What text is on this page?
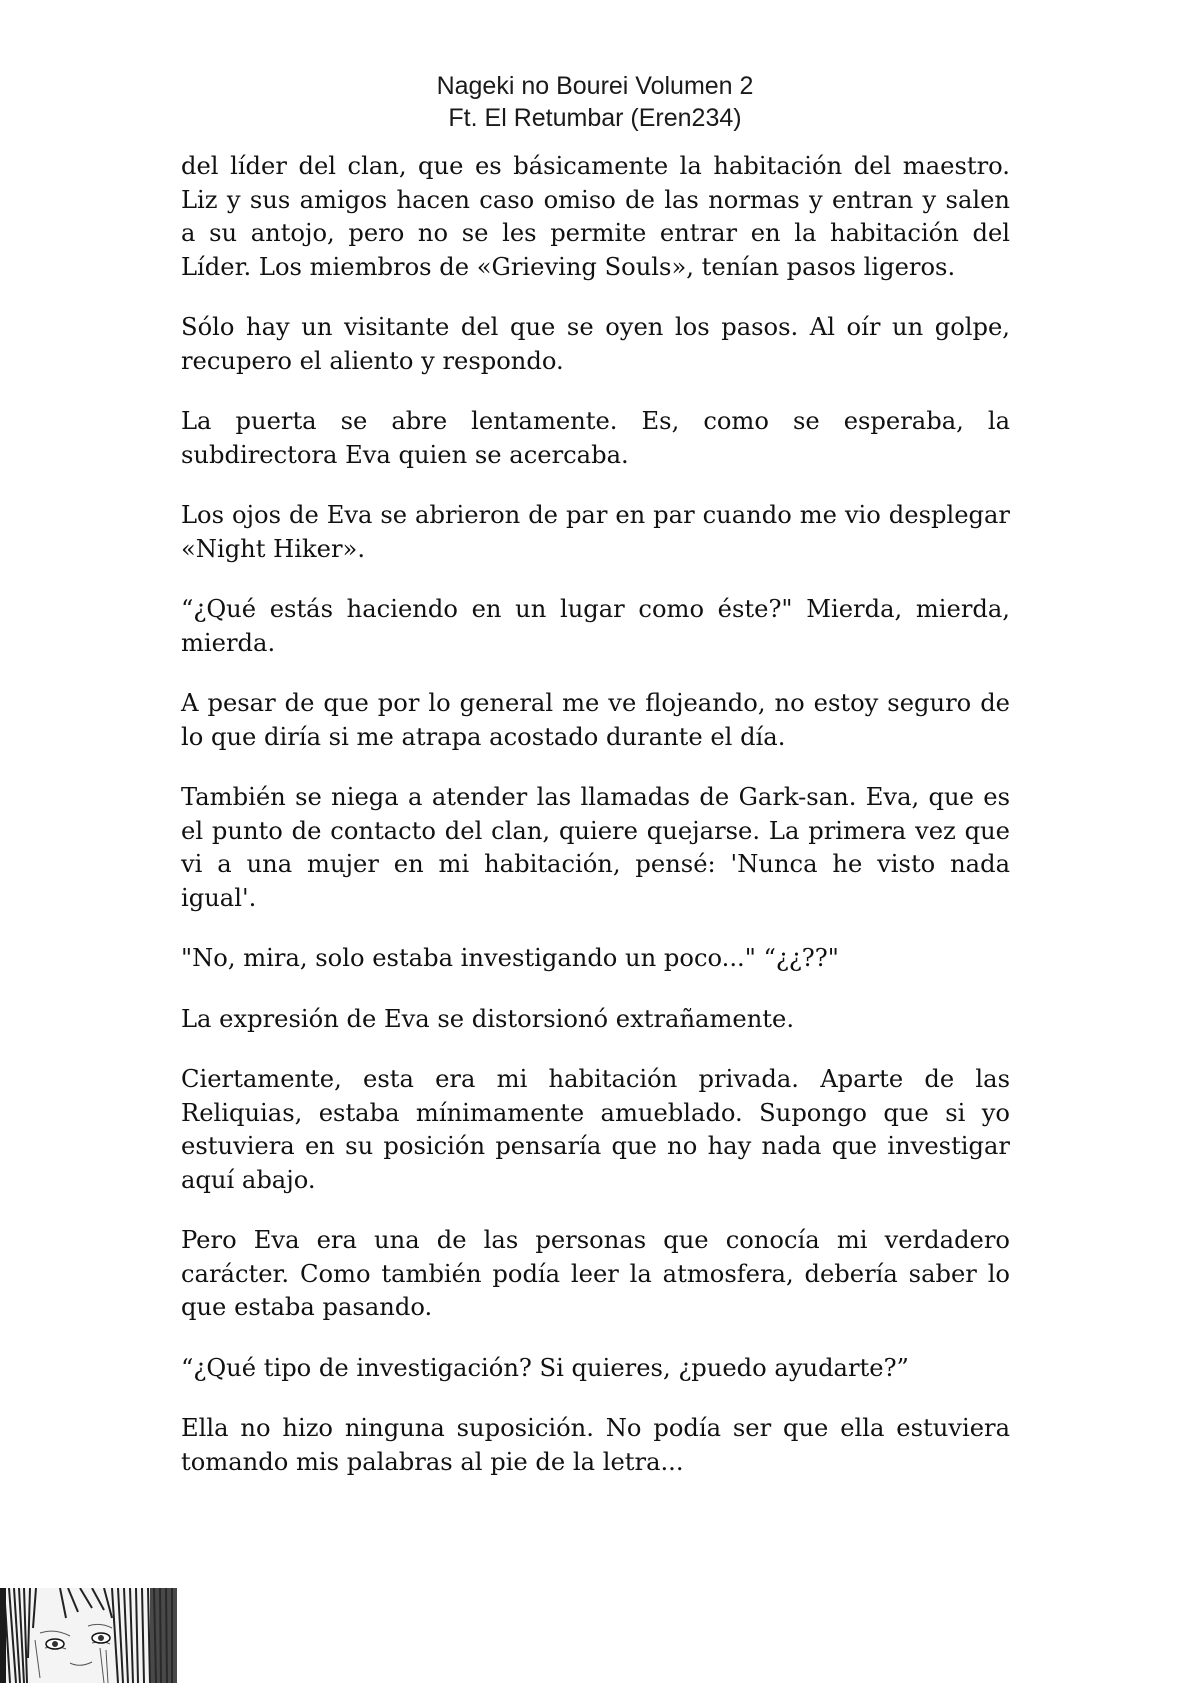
Nageki no Bourei Volumen 2
Ft. El Retumbar (Eren234)

del líder del clan, que es básicamente la habitación del maestro. Liz y sus amigos hacen caso omiso de las normas y entran y salen a su antojo, pero no se les permite entrar en la habitación del Líder. Los miembros de «Grieving Souls», tenían pasos ligeros.

Sólo hay un visitante del que se oyen los pasos. Al oír un golpe, recupero el aliento y respondo.

La puerta se abre lentamente. Es, como se esperaba, la subdirectora Eva quien se acercaba.

Los ojos de Eva se abrieron de par en par cuando me vio desplegar «Night Hiker».

“¿Qué estás haciendo en un lugar como éste?" Mierda, mierda, mierda.

A pesar de que por lo general me ve flojeando, no estoy seguro de lo que diría si me atrapa acostado durante el día.

También se niega a atender las llamadas de Gark-san. Eva, que es el punto de contacto del clan, quiere quejarse. La primera vez que vi a una mujer en mi habitación, pensé: 'Nunca he visto nada igual'.

"No, mira, solo estaba investigando un poco..." “¿¿??"

La expresión de Eva se distorsionó extrañamente.

Ciertamente, esta era mi habitación privada. Aparte de las Reliquias, estaba mínimamente amueblado. Supongo que si yo estuviera en su posición pensaría que no hay nada que investigar aquí abajo.

Pero Eva era una de las personas que conocía mi verdadero carácter. Como también podía leer la atmosfera, debería saber lo que estaba pasando.

“¿Qué tipo de investigación? Si quieres, ¿puedo ayudarte?”

Ella no hizo ninguna suposición. No podía ser que ella estuviera tomando mis palabras al pie de la letra...
